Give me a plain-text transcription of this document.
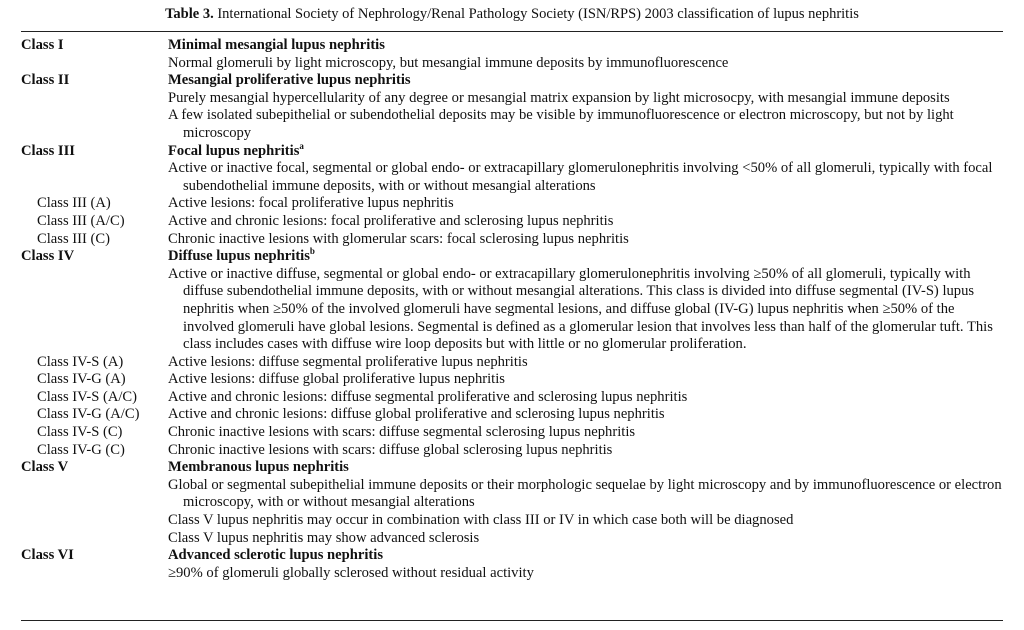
Table 3. International Society of Nephrology/Renal Pathology Society (ISN/RPS) 2003 classification of lupus nephritis
Class I	Minimal mesangial lupus nephritis
Normal glomeruli by light microscopy, but mesangial immune deposits by immunofluorescence
Class II	Mesangial proliferative lupus nephritis
Purely mesangial hypercellularity of any degree or mesangial matrix expansion by light microsocpy, with mesangial immune deposits
A few isolated subepithelial or subendothelial deposits may be visible by immunofluorescence or electron microscopy, but not by light microscopy
Class III	Focal lupus nephritis$^a$
Active or inactive focal, segmental or global endo- or extracapillary glomerulonephritis involving <50% of all glomeruli, typically with focal subendothelial immune deposits, with or without mesangial alterations
Class III (A)	Active lesions: focal proliferative lupus nephritis
Class III (A/C)	Active and chronic lesions: focal proliferative and sclerosing lupus nephritis
Class III (C)	Chronic inactive lesions with glomerular scars: focal sclerosing lupus nephritis
Class IV	Diffuse lupus nephritis$^b$
Active or inactive diffuse, segmental or global endo- or extracapillary glomerulonephritis involving ≥50% of all glomeruli, typically with diffuse subendothelial immune deposits, with or without mesangial alterations. This class is divided into diffuse segmental (IV-S) lupus nephritis when ≥50% of the involved glomeruli have segmental lesions, and diffuse global (IV-G) lupus nephritis when ≥50% of the involved glomeruli have global lesions. Segmental is defined as a glomerular lesion that involves less than half of the glomerular tuft. This class includes cases with diffuse wire loop deposits but with little or no glomerular proliferation.
Class IV-S (A)	Active lesions: diffuse segmental proliferative lupus nephritis
Class IV-G (A)	Active lesions: diffuse global proliferative lupus nephritis
Class IV-S (A/C)	Active and chronic lesions: diffuse segmental proliferative and sclerosing lupus nephritis
Class IV-G (A/C)	Active and chronic lesions: diffuse global proliferative and sclerosing lupus nephritis
Class IV-S (C)	Chronic inactive lesions with scars: diffuse segmental sclerosing lupus nephritis
Class IV-G (C)	Chronic inactive lesions with scars: diffuse global sclerosing lupus nephritis
Class V	Membranous lupus nephritis
Global or segmental subepithelial immune deposits or their morphologic sequelae by light microscopy and by immunofluorescence or electron microscopy, with or without mesangial alterations
Class V lupus nephritis may occur in combination with class III or IV in which case both will be diagnosed
Class V lupus nephritis may show advanced sclerosis
Class VI	Advanced sclerotic lupus nephritis
≥90% of glomeruli globally sclerosed without residual activity
